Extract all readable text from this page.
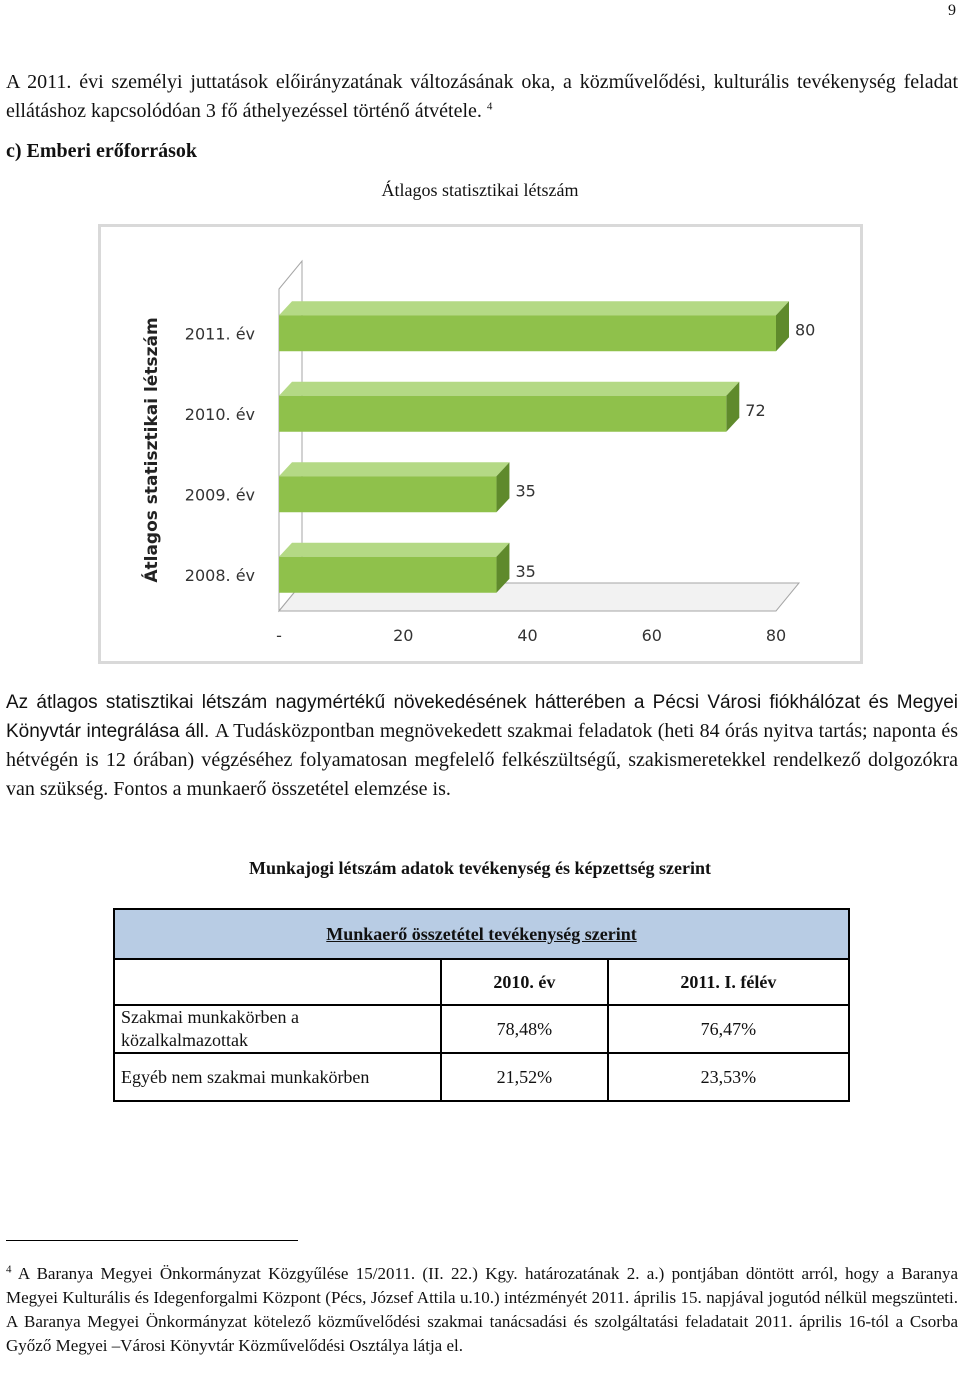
9
A 2011. évi személyi juttatások előirányzatának változásának oka, a közművelődési, kulturális tevékenység feladat ellátáshoz kapcsolódóan 3 fő áthelyezéssel történő átvétele. $^4$
c) Emberi erőforrások
Átlagos statisztikai létszám
Átlagos statisztikai létszám
-	20	40	60	80
2011. év	80
2010. év	72
2009. év	35
2008. év	35
Az átlagos statisztikai létszám nagymértékű növekedésének hátterében a Pécsi Városi fiókhálózat és Megyei Könyvtár integrálása áll. A Tudásközpontban megnövekedett szakmai feladatok (heti 84 órás nyitva tartás; naponta és hétvégén is 12 órában) végzéséhez folyamatosan megfelelő felkészültségű, szakismeretekkel rendelkező dolgozókra van szükség. Fontos a munkaerő összetétel elemzése is.
Munkajogi létszám adatok tevékenység és képzettség szerint
Munkaerő összetétel tevékenység szerint		
	2010. év	2011. I. félév
Szakmai munkakörben a
közalkalmazottak	78,48%	76,47%
Egyéb nem szakmai munkakörben	21,52%	23,53%
$^4$ A Baranya Megyei Önkormányzat Közgyűlése 15/2011. (II. 22.) Kgy. határozatának 2. a.) pontjában döntött arról, hogy a Baranya Megyei Kulturális és Idegenforgalmi Központ (Pécs, József Attila u.10.) intézményét 2011. április 15. napjával jogutód nélkül megszünteti. A Baranya Megyei Önkormányzat kötelező közművelődési szakmai tanácsadási és szolgáltatási feladatait 2011. április 16-tól a Csorba Győző Megyei –Városi Könyvtár Közművelődési Osztálya látja el.
